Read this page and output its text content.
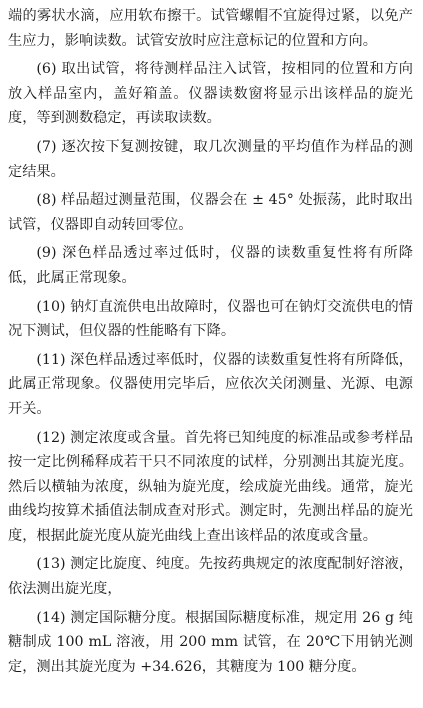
端的雾状水滴，应用软布擦干。试管螺帽不宜旋得过紧，以免产生应力，影响读数。试管安放时应注意标记的位置和方向。

(6) 取出试管，将待测样品注入试管，按相同的位置和方向放入样品室内，盖好箱盖。仪器读数窗将显示出该样品的旋光度，等到测数稳定，再读取读数。

(7) 逐次按下复测按键，取几次测量的平均值作为样品的测定结果。

(8) 样品超过测量范围，仪器会在 ± 45° 处振荡，此时取出试管，仪器即自动转回零位。

(9) 深色样品透过率过低时，仪器的读数重复性将有所降低，此属正常现象。

(10) 钠灯直流供电出故障时，仪器也可在钠灯交流供电的情况下测试，但仪器的性能略有下降。

(11) 深色样品透过率低时，仪器的读数重复性将有所降低，此属正常现象。仪器使用完毕后，应依次关闭测量、光源、电源开关。

(12) 测定浓度或含量。首先将已知纯度的标准品或参考样品按一定比例稀释成若干只不同浓度的试样，分别测出其旋光度。然后以横轴为浓度，纵轴为旋光度，绘成旋光曲线。通常，旋光曲线均按算术插值法制成查对形式。测定时，先测出样品的旋光度，根据此旋光度从旋光曲线上查出该样品的浓度或含量。

(13) 测定比旋度、纯度。先按药典规定的浓度配制好溶液，依法测出旋光度，

(14) 测定国际糖分度。根据国际糖度标准，规定用 26 g 纯糖制成 100 mL 溶液，用 200 mm 试管，在 20℃下用钠光测定，测出其旋光度为 +34.626，其糖度为 100 糖分度。
